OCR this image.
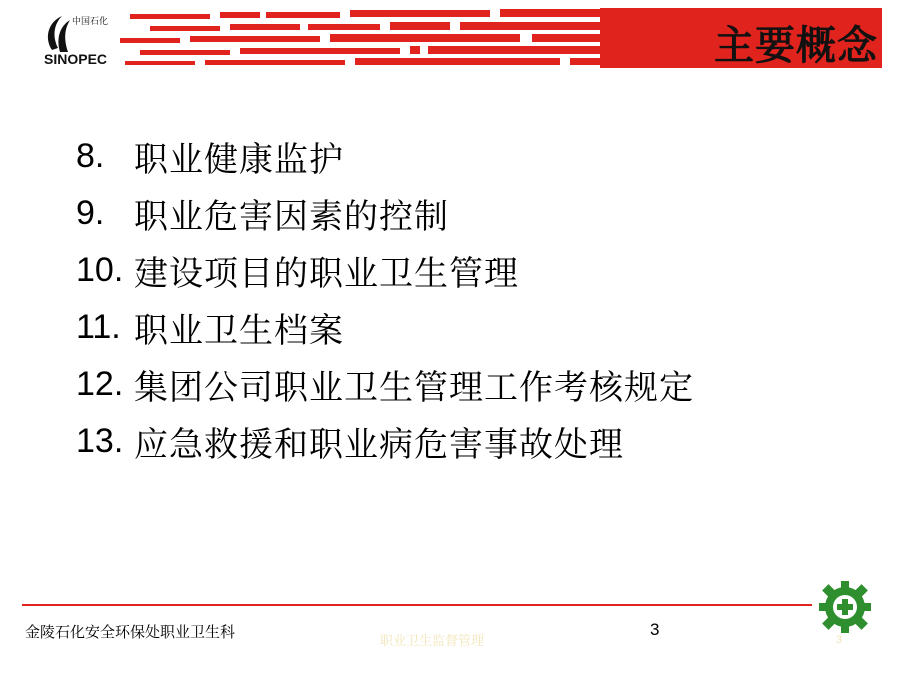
中国石化
SINOPEC	主要概念
8. 职业健康监护
9. 职业危害因素的控制
10. 建设项目的职业卫生管理
11. 职业卫生档案
12. 集团公司职业卫生管理工作考核规定
13. 应急救援和职业病危害事故处理
金陵石化安全环保处职业卫生科
职业卫生监督管理
3
3
